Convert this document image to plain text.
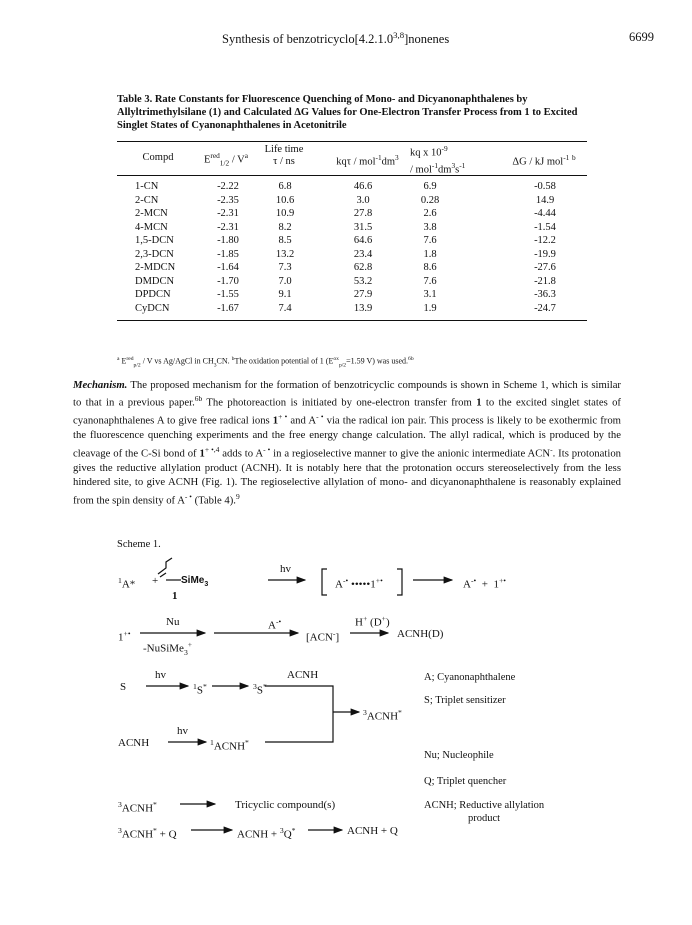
Synthesis of benzotricyclo[4.2.1.0$^{3,8}$]nonenes	6699
Table 3. Rate Constants for Fluorescence Quenching of Mono- and Dicyanonaphthalenes by Allyltrimethylsilane (1) and Calculated ΔG Values for One-Electron Transfer Process from 1 to Excited Singlet States of Cyanonaphthalenes in Acetonitrile
Compd	$E^{red}_{1/2} / V^a$
Life time
τ / ns	kqτ / $mol^{-1}dm^3$	kq x $10^{-9}$
/ $mol^{-1}dm^3s^{-1}$	ΔG / kJ mol$^{-1}$ $^b$
1-CN	-2.22	6.8	46.6	6.9	-0.58
2-CN	-2.35	10.6	3.0	0.28	14.9
2-MCN	-2.31	10.9	27.8	2.6	-4.44
4-MCN	-2.31	8.2	31.5	3.8	-1.54
1,5-DCN	-1.80	8.5	64.6	7.6	-12.2
2,3-DCN	-1.85	13.2	23.4	1.8	-19.9
2-MDCN	-1.64	7.3	62.8	8.6	-27.6
DMDCN	-1.70	7.0	53.2	7.6	-21.8
DPDCN	-1.55	9.1	27.9	3.1	-36.3
CyDCN	-1.67	7.4	13.9	1.9	-24.7
$^a$ $E^{red}_{p/2}$ / V vs Ag/AgCl in $CH_3CN$. $^b$The oxidation potential of 1 ($E^{ox}_{p/2}=1.59$ V) was used.$^{6b}$
Mechanism. The proposed mechanism for the formation of benzotricyclic compounds is shown in Scheme 1, which is similar to that in a previous paper.$^{6b}$ The photoreaction is initiated by one-electron transfer from 1 to the excited singlet states of cyanonaphthalenes A to give free radical ions 1+ • and A- • via the radical ion pair. This process is likely to be exothermic from the fluorescence quenching experiments and the free energy change calculation. The allyl radical, which is produced by the cleavage of the C-Si bond of $1^{+ •,4}$ adds to A- • in a regioselective manner to give the anionic intermediate ACN-. Its protonation gives the reductive allylation product (ACNH). It is notably here that the protonation occurs stereoselectively from the less hindered site, to give ACNH (Fig. 1). The regioselective allylation of mono- and dicyanonaphthalene is reasonably explained from the spin density of A- • (Table 4).$^9$
Scheme 1.
$^1$A* + SiMe$_3$
1
hv
A-• •••••1+•	A-• + 1+•
1+•
Nu
-NuSiMe$_3$+
A-•
[ACN-]
H+ (D+)
ACNH(D)
S
hv
$^1$S*	$^3$S*
ACNH
$^3$ACNH*
ACNH
hv
$^1$ACNH*
$^3$ACNH*	Tricyclic compound(s)
$^3$ACNH* + Q	ACNH + $^3$Q*	ACNH + Q
A; Cyanonaphthalene
S; Triplet sensitizer
Nu; Nucleophile
Q; Triplet quencher
ACNH; Reductive allylation
product
